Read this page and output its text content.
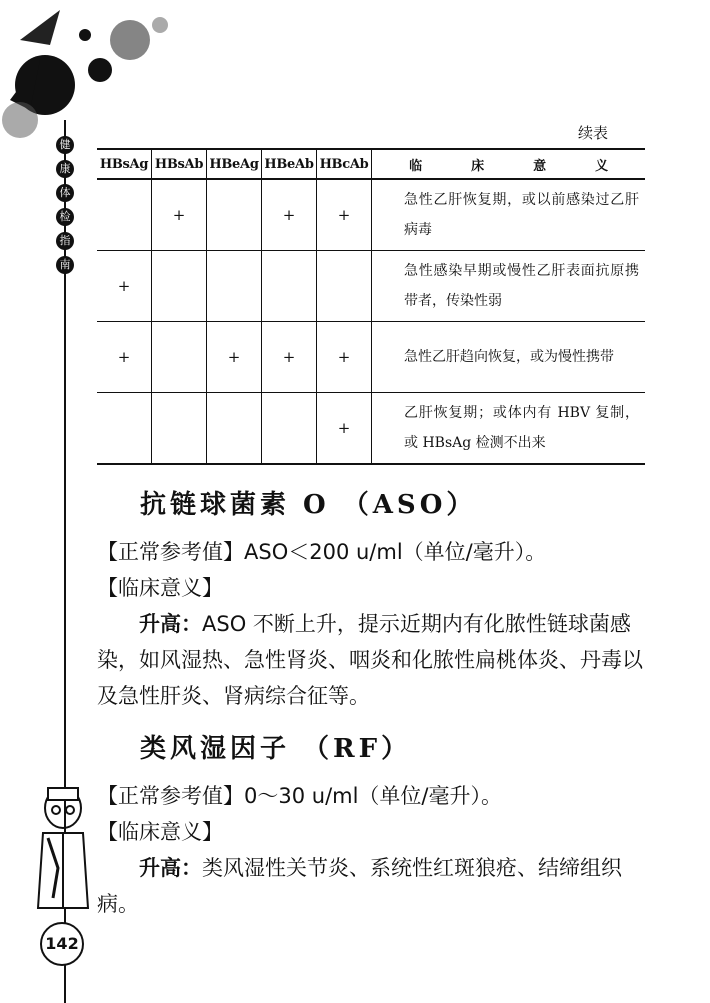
健
康
体
检
指
南
续表
HBsAg	HBsAb	HBeAg	HBeAb	HBcAb	临 床 意 义
	+		+	+	急性乙肝恢复期，或以前感染过乙肝病毒

+					急性感染早期或慢性乙肝表面抗原携带者，传染性弱

+		+	+	+	急性乙肝趋向恢复，或为慢性携带

				+	乙肝恢复期；或体内有 HBV 复制，或 HBsAg 检测不出来
抗链球菌素 O （ASO）

【正常参考值】ASO＜200 u/ml（单位/毫升）。

【临床意义】

升高：ASO 不断上升，提示近期内有化脓性链球菌感染，如风湿热、急性肾炎、咽炎和化脓性扁桃体炎、丹毒以及急性肝炎、肾病综合征等。

类风湿因子 （RF）

【正常参考值】0～30 u/ml（单位/毫升）。

【临床意义】

升高：类风湿性关节炎、系统性红斑狼疮、结缔组织病。

142
